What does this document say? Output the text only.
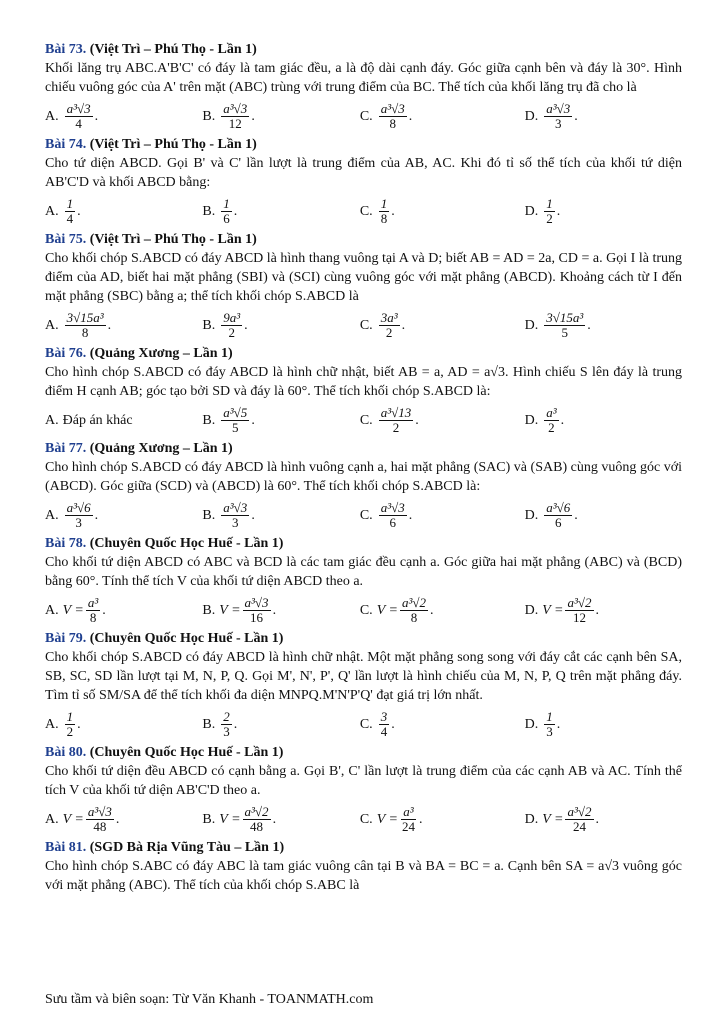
Bài 73. (Việt Trì – Phú Thọ - Lần 1)
Khối lăng trụ ABC.A'B'C' có đáy là tam giác đều, a là độ dài cạnh đáy. Góc giữa cạnh bên và đáy là 30°. Hình chiếu vuông góc của A' trên mặt (ABC) trùng với trung điểm của BC. Thể tích của khối lăng trụ đã cho là
A. $\frac{\text{a³√3}}{4}$ .	B. $\frac{\text{a³√3}}{12}$ .	C. $\frac{\text{a³√3}}{8}$ .	D. $\frac{\text{a³√3}}{3}$ .
Bài 74. (Việt Trì – Phú Thọ - Lần 1)
Cho tứ diện ABCD. Gọi B' và C' lần lượt là trung điểm của AB, AC. Khi đó tỉ số thể tích của khối tứ diện AB'C'D và khối ABCD bằng:
A. $\frac{1}{4}$ .	B. $\frac{1}{6}$ .	C. $\frac{1}{8}$ .	D. $\frac{1}{2}$ .
Bài 75. (Việt Trì – Phú Thọ - Lần 1)
Cho khối chóp S.ABCD có đáy ABCD là hình thang vuông tại A và D; biết AB = AD = 2a, CD = a. Gọi I là trung điểm của AD, biết hai mặt phẳng (SBI) và (SCI) cùng vuông góc với mặt phẳng (ABCD). Khoảng cách từ I đến mặt phẳng (SBC) bằng a; thể tích khối chóp S.ABCD là
A. $\frac{\text{3√15a³}}{8}$ .	B. $\frac{\text{9a³}}{2}$ .	C. $\frac{\text{3a³}}{2}$ .	D. $\frac{\text{3√15a³}}{5}$ .
Bài 76. (Quảng Xương – Lần 1)
Cho hình chóp S.ABCD có đáy ABCD là hình chữ nhật, biết AB = a, AD = a√3. Hình chiếu S lên đáy là trung điểm H cạnh AB; góc tạo bởi SD và đáy là 60°. Thể tích khối chóp S.ABCD là:
A. Đáp án khác	B. $\frac{\text{a³√5}}{5}$ .	C. $\frac{\text{a³√13}}{2}$ .	D. $\frac{\text{a³}}{2}$ .
Bài 77. (Quảng Xương – Lần 1)
Cho hình chóp S.ABCD có đáy ABCD là hình vuông cạnh a, hai mặt phẳng (SAC) và (SAB) cùng vuông góc với (ABCD). Góc giữa (SCD) và (ABCD) là 60°. Thể tích khối chóp S.ABCD là:
A. $\frac{\text{a³√6}}{3}$ .	B. $\frac{\text{a³√3}}{3}$ .	C. $\frac{\text{a³√3}}{6}$ .	D. $\frac{\text{a³√6}}{6}$ .
Bài 78. (Chuyên Quốc Học Huế - Lần 1)
Cho khối tứ diện ABCD có ABC và BCD là các tam giác đều cạnh a. Góc giữa hai mặt phẳng (ABC) và (BCD) bằng 60°. Tính thể tích V của khối tứ diện ABCD theo a.
A. $V = \frac{\text{a³}}{8}$ .	B. $V = \frac{\text{a³√3}}{16}$ .	C. $V = \frac{\text{a³√2}}{8}$ .	D. $V = \frac{\text{a³√2}}{12}$ .
Bài 79. (Chuyên Quốc Học Huế - Lần 1)
Cho khối chóp S.ABCD có đáy ABCD là hình chữ nhật. Một mặt phẳng song song với đáy cắt các cạnh bên SA, SB, SC, SD lần lượt tại M, N, P, Q. Gọi M', N', P', Q' lần lượt là hình chiếu của M, N, P, Q trên mặt phẳng đáy. Tìm tỉ số SM/SA để thể tích khối đa diện MNPQ.M'N'P'Q' đạt giá trị lớn nhất.
A. $\frac{1}{2}$ .	B. $\frac{2}{3}$ .	C. $\frac{3}{4}$ .	D. $\frac{1}{3}$ .
Bài 80. (Chuyên Quốc Học Huế - Lần 1)
Cho khối tứ diện đều ABCD có cạnh bằng a. Gọi B', C' lần lượt là trung điểm của các cạnh AB và AC. Tính thể tích V của khối tứ diện AB'C'D theo a.
A. $V = \frac{\text{a³√3}}{48}$ .	B. $V = \frac{\text{a³√2}}{48}$ .	C. $V = \frac{\text{a³}}{24}$ .	D. $V = \frac{\text{a³√2}}{24}$ .
Bài 81. (SGD Bà Rịa Vũng Tàu – Lần 1)
Cho hình chóp S.ABC có đáy ABC là tam giác vuông cân tại B và BA = BC = a. Cạnh bên SA = a√3 vuông góc với mặt phẳng (ABC). Thể tích của khối chóp S.ABC là
Sưu tầm và biên soạn: Từ Văn Khanh - TOANMATH.com
